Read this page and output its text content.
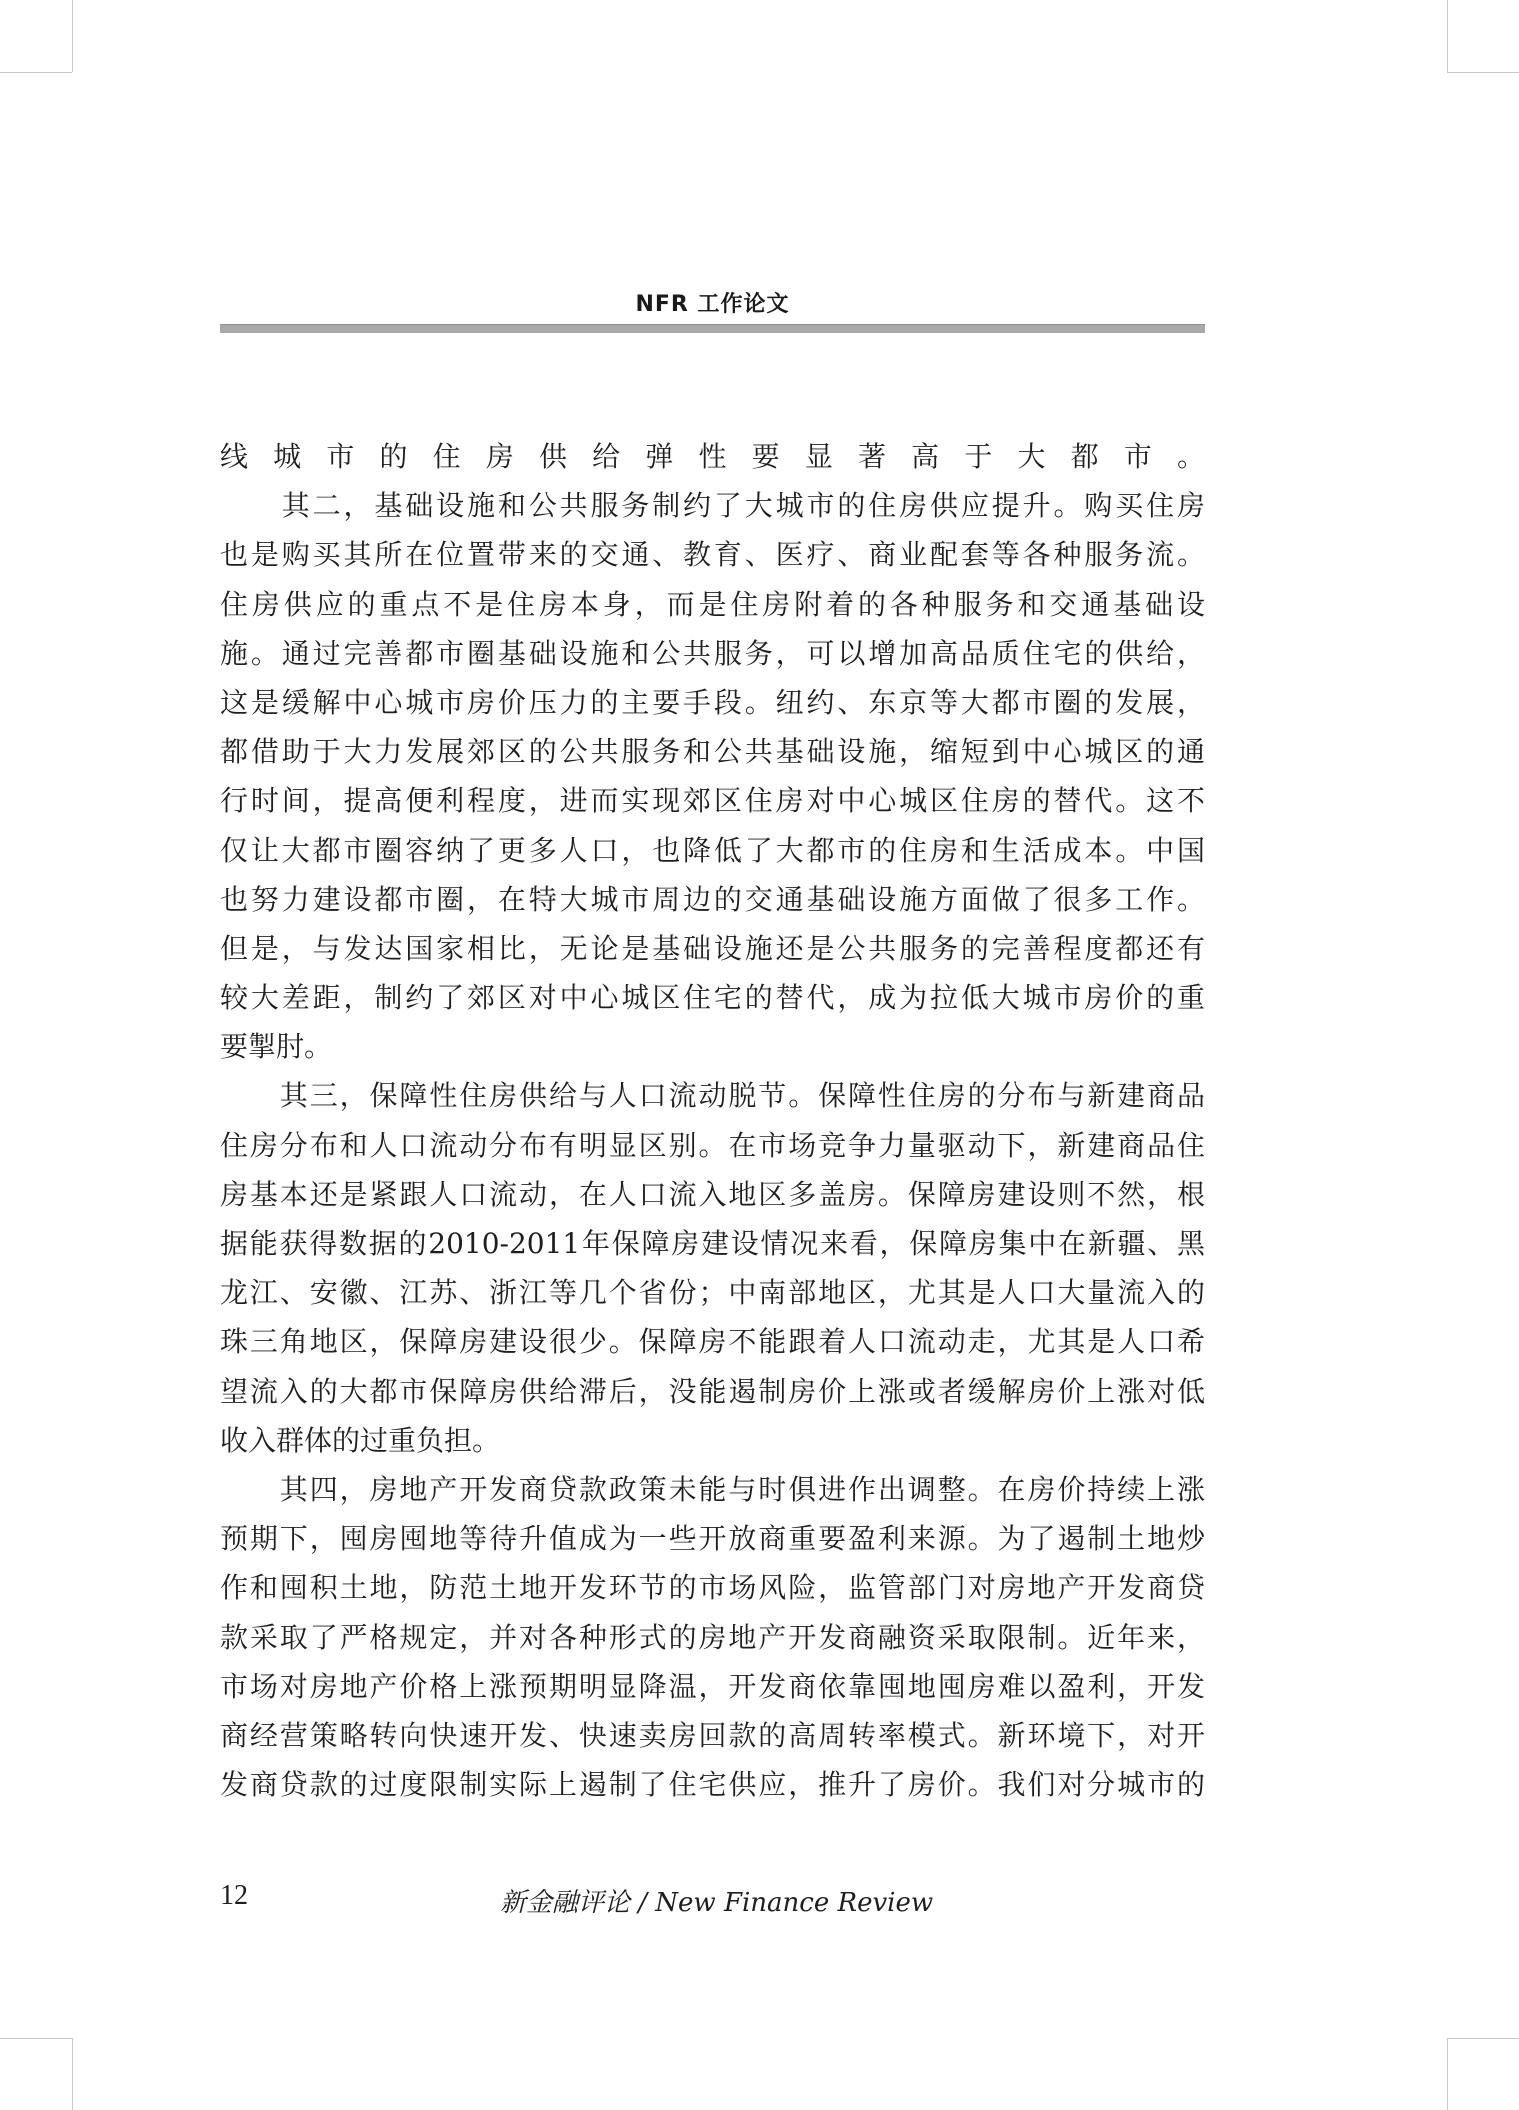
NFR 工作论文
线城市的住房供给弹性要显著高于大都市。
　　其二，基础设施和公共服务制约了大城市的住房供应提升。购买住房
也是购买其所在位置带来的交通、教育、医疗、商业配套等各种服务流。
住房供应的重点不是住房本身，而是住房附着的各种服务和交通基础设
施。通过完善都市圈基础设施和公共服务，可以增加高品质住宅的供给，
这是缓解中心城市房价压力的主要手段。纽约、东京等大都市圈的发展，
都借助于大力发展郊区的公共服务和公共基础设施，缩短到中心城区的通
行时间，提高便利程度，进而实现郊区住房对中心城区住房的替代。这不
仅让大都市圈容纳了更多人口，也降低了大都市的住房和生活成本。中国
也努力建设都市圈，在特大城市周边的交通基础设施方面做了很多工作。
但是，与发达国家相比，无论是基础设施还是公共服务的完善程度都还有
较大差距，制约了郊区对中心城区住宅的替代，成为拉低大城市房价的重
要掣肘。
　　其三，保障性住房供给与人口流动脱节。保障性住房的分布与新建商品
住房分布和人口流动分布有明显区别。在市场竞争力量驱动下，新建商品住
房基本还是紧跟人口流动，在人口流入地区多盖房。保障房建设则不然，根
据能获得数据的2010-2011年保障房建设情况来看，保障房集中在新疆、黑
龙江、安徽、江苏、浙江等几个省份；中南部地区，尤其是人口大量流入的
珠三角地区，保障房建设很少。保障房不能跟着人口流动走，尤其是人口希
望流入的大都市保障房供给滞后，没能遏制房价上涨或者缓解房价上涨对低
收入群体的过重负担。
　　其四，房地产开发商贷款政策未能与时俱进作出调整。在房价持续上涨
预期下，囤房囤地等待升值成为一些开放商重要盈利来源。为了遏制土地炒
作和囤积土地，防范土地开发环节的市场风险，监管部门对房地产开发商贷
款采取了严格规定，并对各种形式的房地产开发商融资采取限制。近年来，
市场对房地产价格上涨预期明显降温，开发商依靠囤地囤房难以盈利，开发
商经营策略转向快速开发、快速卖房回款的高周转率模式。新环境下，对开
发商贷款的过度限制实际上遏制了住宅供应，推升了房价。我们对分城市的
12	新金融评论 / New Finance Review
